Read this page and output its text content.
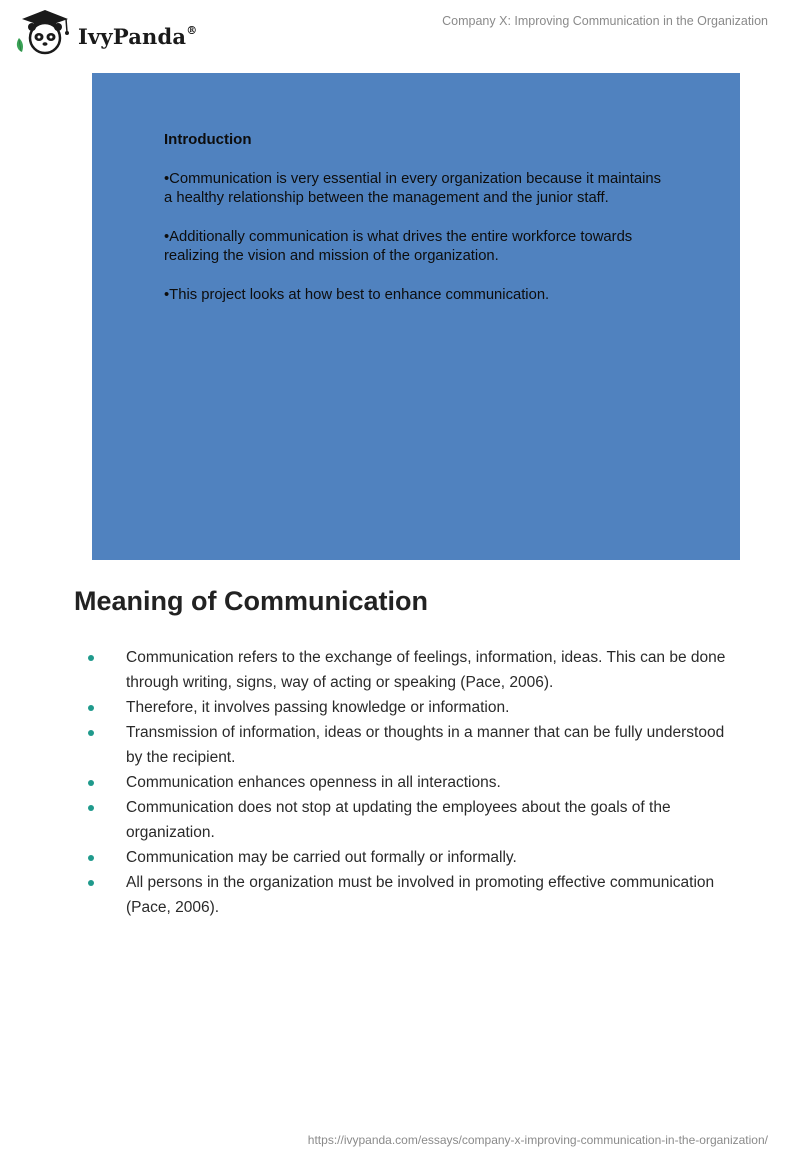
IvyPanda®
Company X: Improving Communication in the Organization

Introduction

•Communication is very essential in every organization because it maintains a healthy relationship between the management and the junior staff.

•Additionally communication is what drives the entire workforce towards realizing the vision and mission of the organization.

•This project looks at how best to enhance communication.

Meaning of Communication
Communication refers to the exchange of feelings, information, ideas. This can be done through writing, signs, way of acting or speaking (Pace, 2006).
Therefore, it involves passing knowledge or information.
Transmission of information, ideas or thoughts in a manner that can be fully understood by the recipient.
Communication enhances openness in all interactions.
Communication does not stop at updating the employees about the goals of the organization.
Communication may be carried out formally or informally.
All persons in the organization must be involved in promoting effective communication (Pace, 2006).
https://ivypanda.com/essays/company-x-improving-communication-in-the-organization/
